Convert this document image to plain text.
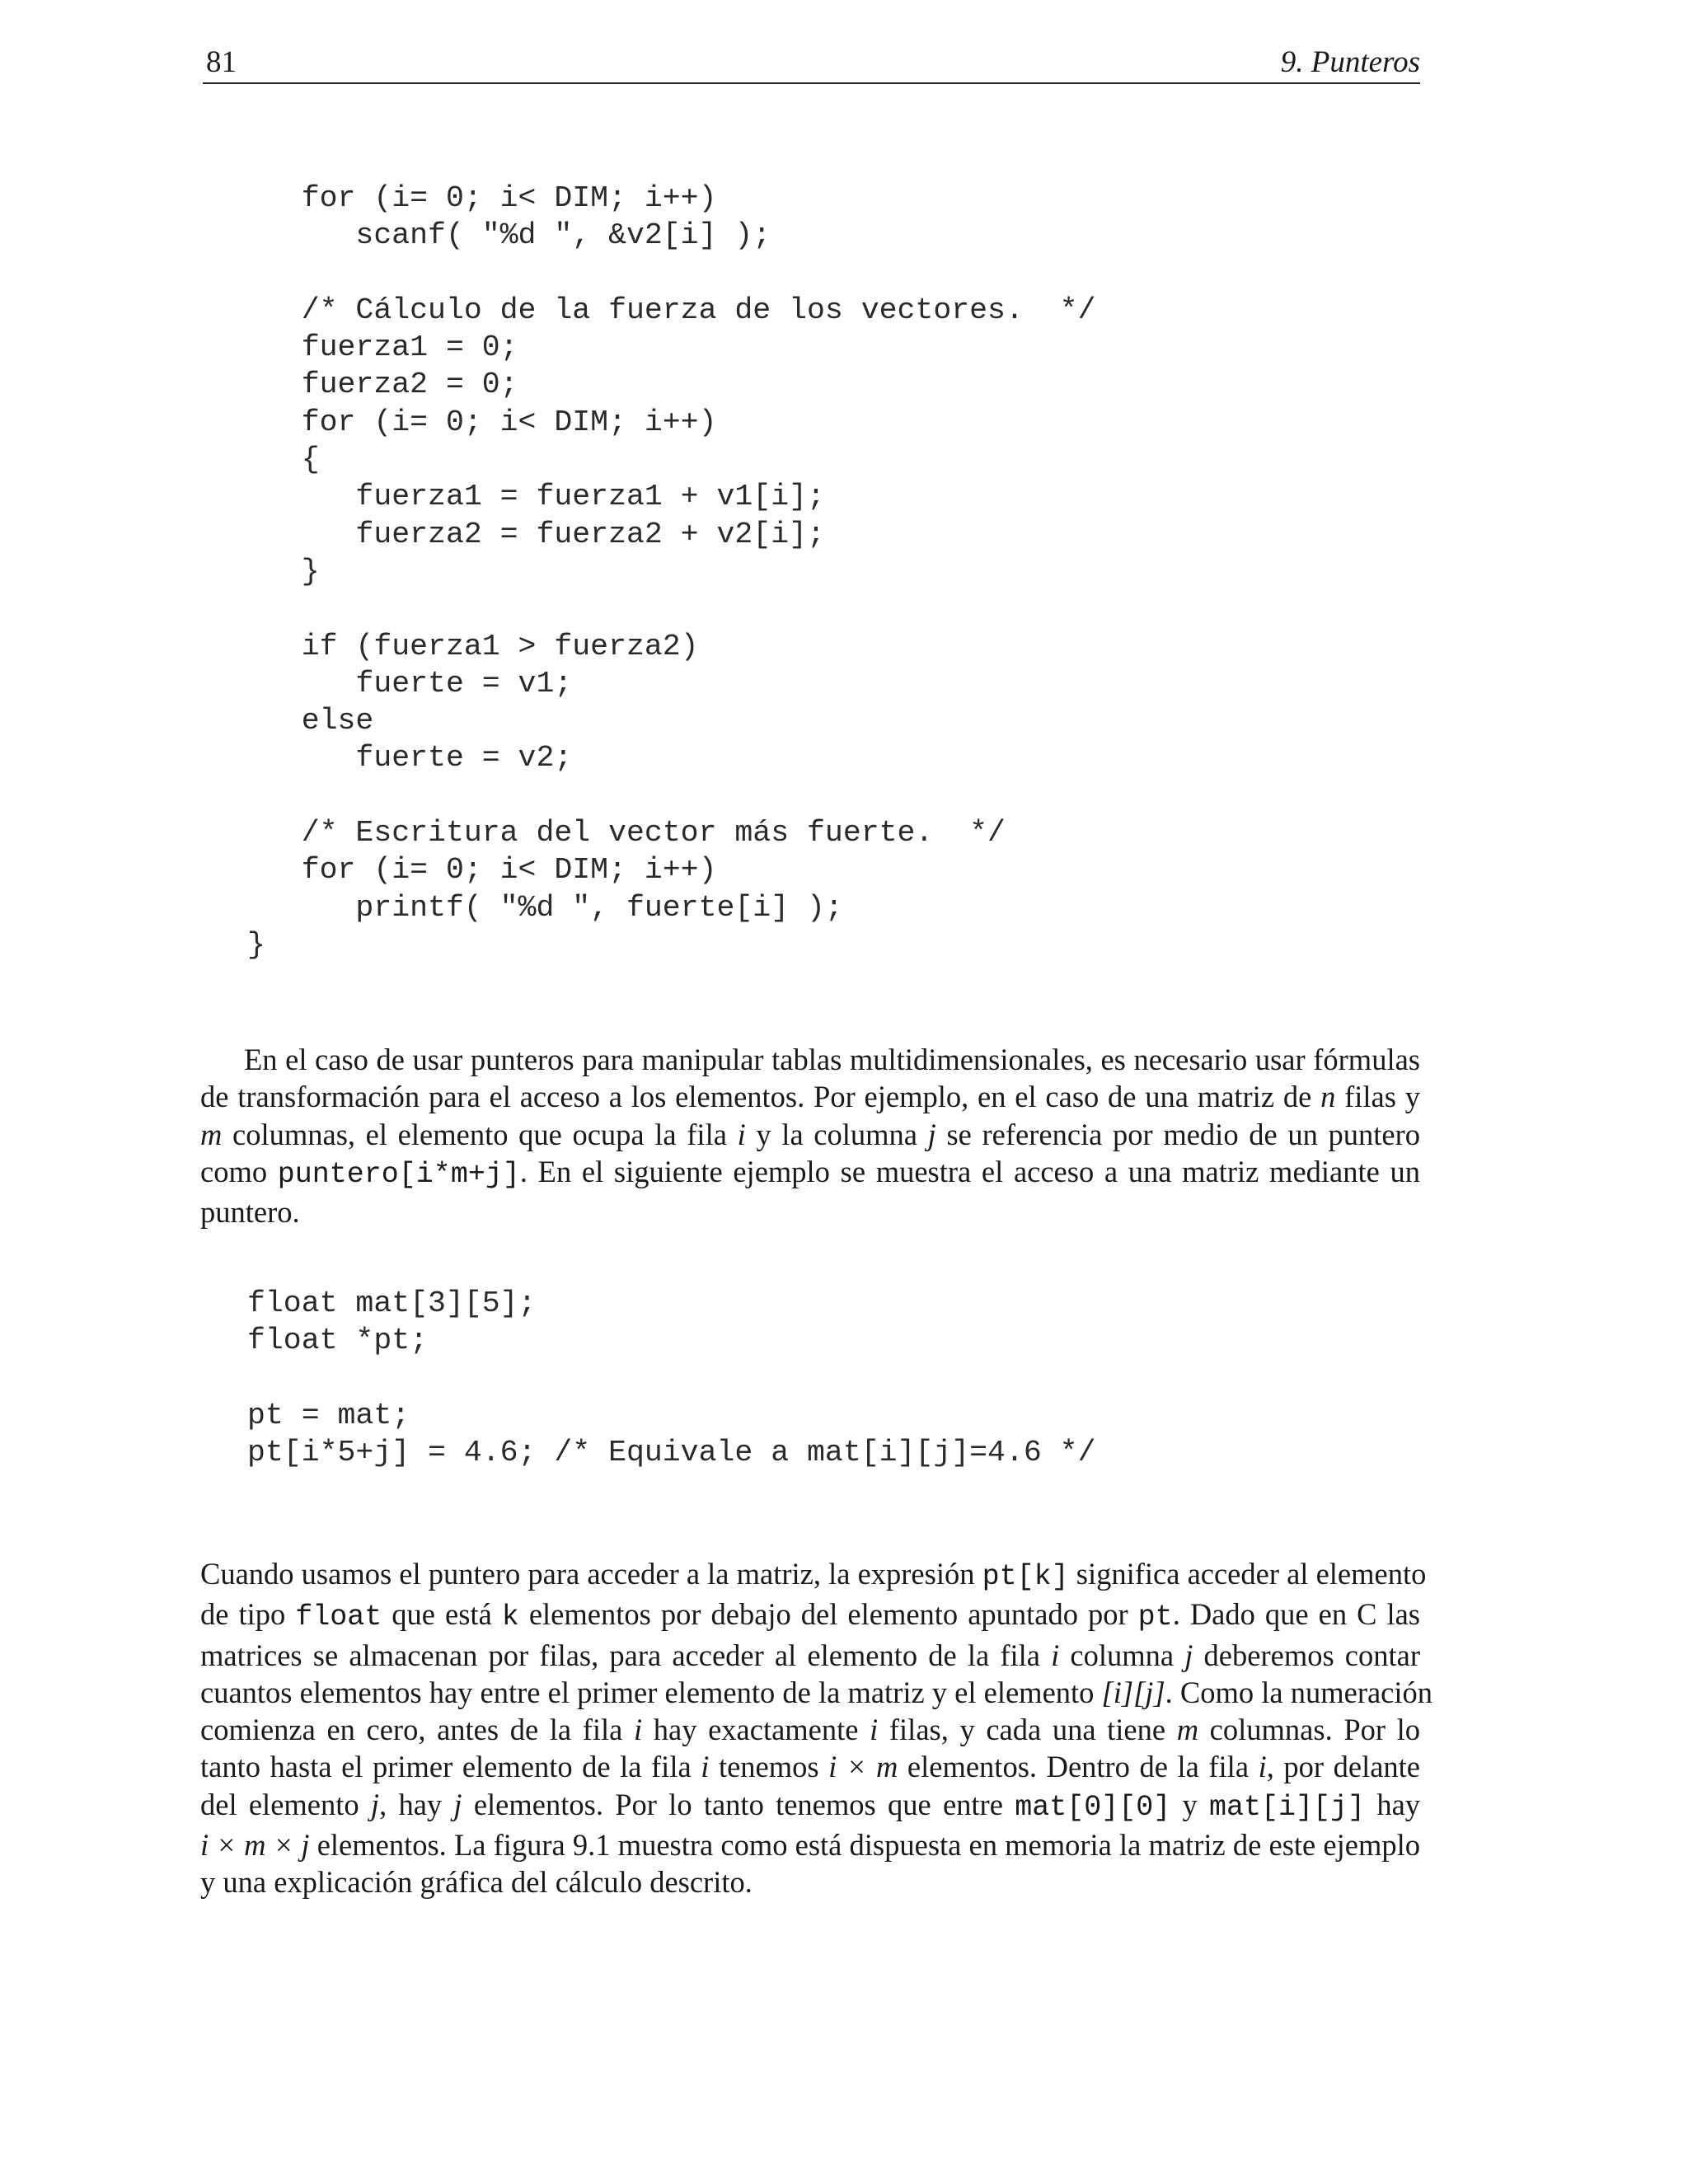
81	9. Punteros
for (i= 0; i< DIM; i++)
scanf( "%d ", &v2[i] );

/* Cálculo de la fuerza de los vectores.  */
fuerza1 = 0;
fuerza2 = 0;
for (i= 0; i< DIM; i++)
{
fuerza1 = fuerza1 + v1[i];
fuerza2 = fuerza2 + v2[i];
}

if (fuerza1 > fuerza2)
fuerte = v1;
else
fuerte = v2;

/* Escritura del vector más fuerte.  */
for (i= 0; i< DIM; i++)
printf( "%d ", fuerte[i] );
}

En el caso de usar punteros para manipular tablas multidimensionales, es necesario usar fórmulas
de transformación para el acceso a los elementos. Por ejemplo, en el caso de una matriz de n filas y
m columnas, el elemento que ocupa la fila i y la columna j se referencia por medio de un puntero
como puntero[i*m+j]. En el siguiente ejemplo se muestra el acceso a una matriz mediante un
puntero.
float mat[3][5];
float *pt;

pt = mat;
pt[i*5+j] = 4.6; /* Equivale a mat[i][j]=4.6 */

Cuando usamos el puntero para acceder a la matriz, la expresión pt[k] significa acceder al elemento
de tipo float que está k elementos por debajo del elemento apuntado por pt. Dado que en C las
matrices se almacenan por filas, para acceder al elemento de la fila i columna j deberemos contar
cuantos elementos hay entre el primer elemento de la matriz y el elemento [i][j]. Como la numeración
comienza en cero, antes de la fila i hay exactamente i filas, y cada una tiene m columnas. Por lo
tanto hasta el primer elemento de la fila i tenemos i × m elementos. Dentro de la fila i, por delante
del elemento j, hay j elementos. Por lo tanto tenemos que entre mat[0][0] y mat[i][j] hay
i × m × j elementos. La figura 9.1 muestra como está dispuesta en memoria la matriz de este ejemplo
y una explicación gráfica del cálculo descrito.
